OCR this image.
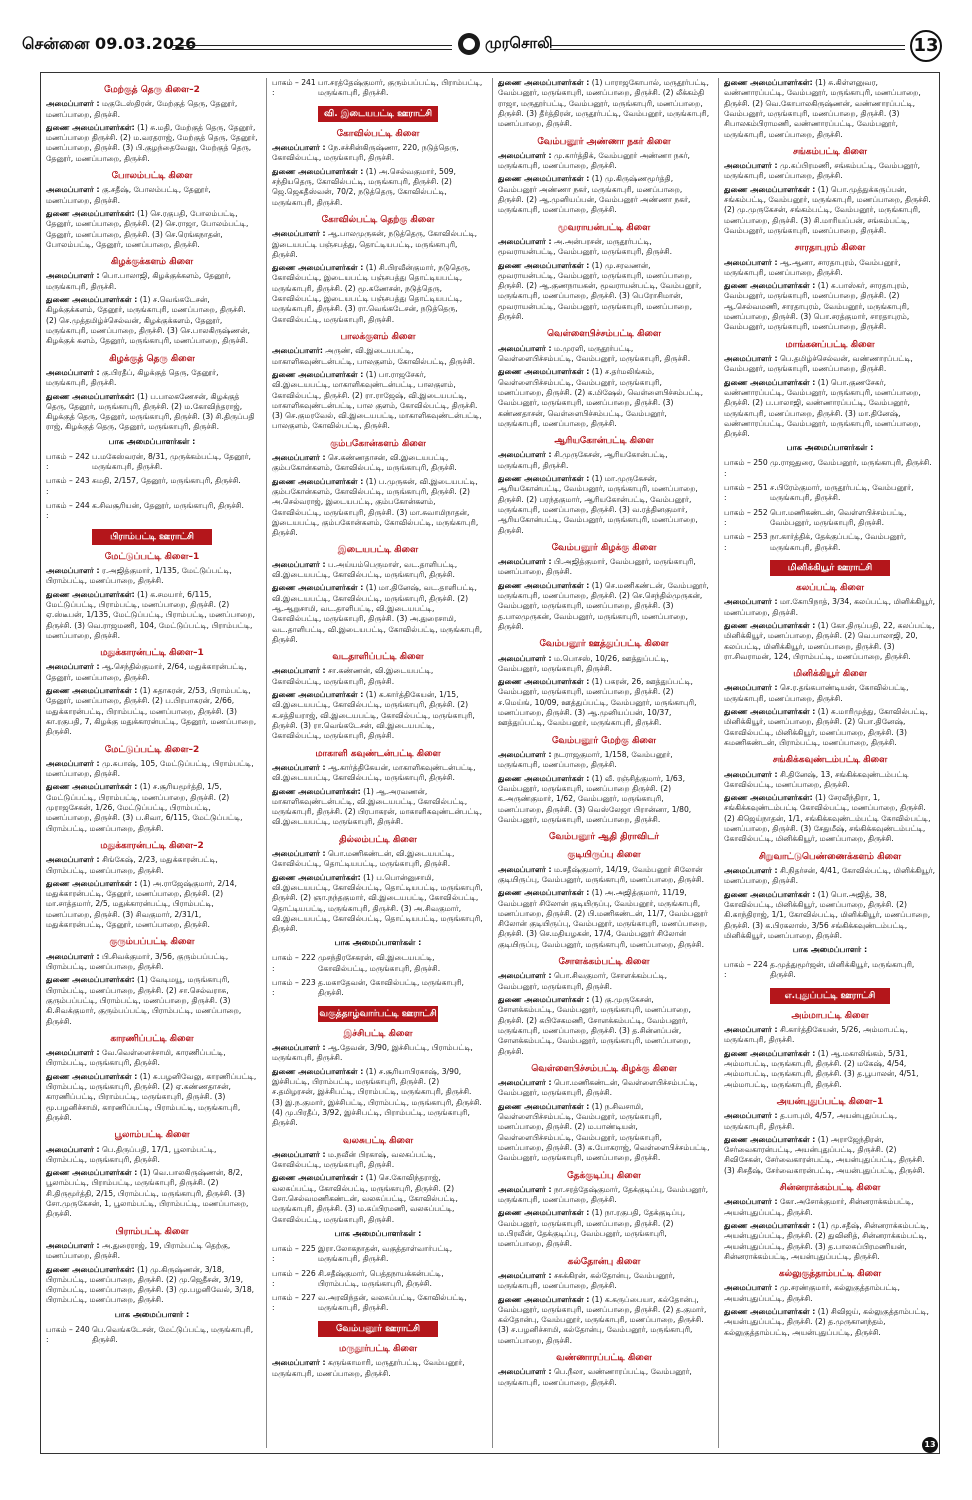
சென்னை 09.03.2026	முரசொலி	13
மேற்குத் தெரு கிளை–2

அமைப்பாளர் : மகுடேஸ்திரன், மேற்குத் தெரு, தேனூர், மணப்பாறை, திருச்சி.

துணை அமைப்பாளர்கள்: (1) சு.மதி, மேற்குத் தெரு, தேனூர், மணப்பாறை திருச்சி. (2) ம.வரதராஜ், மேற்குத் தெரு, தேனூர், மணப்பாறை, திருச்சி. (3) பி.குழந்தைவேலு, மேற்குத் தெரு, தேனூர், மணப்பாறை, திருச்சி.

போலம்பட்டி கிளை

அமைப்பாளர் : கு.சதீஷ், போலம்பட்டி, தேனூர், மணப்பாறை, திருச்சி.

துணை அமைப்பாளர்கள்: (1) செ.ரகுபதி, போலம்பட்டி, தேனூர், மணப்பாறை, திருச்சி. (2) செ.ராஜா, போலம்பட்டி, தேனூர், மணப்பாறை, திருச்சி. (3) செ.ரெங்கநாதன், போலம்பட்டி, தேனூர், மணப்பாறை, திருச்சி.

கிழக்குக்களம் கிளை

அமைப்பாளர் : பொ.பாலாஜி, கிழக்குக்களம், தேனூர், மருங்காபுரி, திருச்சி.

துணை அமைப்பாளர்கள் : (1) ச.வெங்கடேசன், கிழக்குக்களம், தேனூர், மருங்காபுரி, மணப்பாறை, திருச்சி. (2) செ.முத்தமிழ்ச்செல்வன், கிழக்குக்களம், தேனூர், மருங்காபுரி, மணப்பாறை, திருச்சி. (3) செ.பாலகிருஷ்ணன், கிழக்குக் களம், தேனூர், மருங்காபுரி, மணப்பாறை, திருச்சி.

கிழக்குத் தெரு கிளை

அமைப்பாளர் : கு.பிரதீப், கிழக்குத் தெரு, தேனூர், மருங்காபுரி, திருச்சி.

துணை அமைப்பாளர்கள்: (1) ப.பாலகணேசன், கிழக்குத் தெரு, தேனூர், மருங்காபுரி, திருச்சி. (2) ம.கோவிந்தராஜ், கிழக்குத் தெரு, தேனூர், மருங்காபுரி, திருச்சி. (3) சி.திருப்பதி ராஜ், கிழக்குத் தெரு, தேனூர், மருங்காபுரி, திருச்சி.

பாக அமைப்பாளர்கள் :
பாகம் – 242 :
ப.மகேஸ்வரன், 8/31, முருக்கம்பட்டி, தேனூர், மருங்காபுரி, திருச்சி.
பாகம் – 243 :
சுமதி, 2/157, தேனூர், மருங்காபுரி, திருச்சி.
பாகம் – 244 :
க.சிவசூரியன், தேனூர், மருங்காபுரி, திருச்சி.
பிராம்பட்டி ஊராட்சி
மேட்டுப்பட்டி கிளை–1

அமைப்பாளர் : ர.அஜித்குமார், 1/135, மேட்டுப்பட்டி, பிராம்பட்டி, மணப்பாறை, திருச்சி.

துணை அமைப்பாளர்கள்: (1) க.சமயார், 6/115, மேட்டுப்பட்டி, பிராம்பட்டி, மணப்பாறை, திருச்சி. (2) ஏ.ஸ்டீபன், 1/135, மேட்டுப்பட்டி, பிராம்பட்டி, மணப்பாறை, திருச்சி. (3) வெ.ராஜமணி, 104, மேட்டுப்பட்டி, பிராம்பட்டி, மணப்பாறை, திருச்சி.

மதுக்காரன்பட்டி கிளை–1

அமைப்பாளர் : ஆ.செந்தில்குமார், 2/64, மதுக்காரன்பட்டி, தேனூர், மணப்பாறை, திருச்சி.

துணை அமைப்பாளர்கள் : (1) சுதாகரன், 2/53, பிராம்பட்டி, தேனூர், மணப்பாறை, திருச்சி. (2) ப.பிரபாகரன், 2/66, மதுக்காரன்பட்டி, பிராம்பட்டி, மணப்பாறை, திருச்சி. (3) கா.ரகுபதி, 7, கிழக்கு மதுக்காரன்பட்டி, தேனூர், மணப்பாறை, திருச்சி.

மேட்டுப்பட்டி கிளை–2

அமைப்பாளர் : மு.சுபாஷ், 105, மேட்டுப்பட்டி, பிராம்பட்டி, மணப்பாறை, திருச்சி.

துணை அமைப்பாளர்கள் : (1) ச.சூரியமூர்த்தி, 1/5, மேட்டுப்பட்டி, பிராம்பட்டி, மணப்பாறை, திருச்சி. (2) முராஜசேகன், 1/26, மேட்டுப்பட்டி, பிராம்பட்டி, மணப்பாறை, திருச்சி. (3) ப.சிவா, 6/115, மேட்டுப்பட்டி, பிராம்பட்டி, மணப்பாறை, திருச்சி.

மதுக்காரன்பட்டி கிளை–2

அமைப்பாளர் : சிங்கேஷ், 2/23, மதுக்காரன்பட்டி, பிராம்பட்டி, மணப்பாறை, திருச்சி.

துணை அமைப்பாளர்கள் : (1) அ.ராஜேஷ்குமார், 2/14, மதுக்காரன்பட்டி, தேனூர், மணப்பாறை, திருச்சி. (2) மா.சாத்தமார், 2/5, மதுக்காரன்பட்டி, பிராம்பட்டி, மணப்பாறை, திருச்சி. (3) சிவகுமார், 2/31/1, மதுக்காரன்பட்டி, தேனூர், மணப்பாறை, திருச்சி.

குரும்பப்பட்டி கிளை

அமைப்பாளர் : பி.சிவக்குமார், 3/56, குரும்பப்பட்டி, பிராம்பட்டி, மணப்பாறை, திருச்சி.

துணை அமைப்பாளர்கள்: (1) வேடிமயூ, மருங்காபுரி, பிராம்பட்டி, மணப்பாறை, திருச்சி. (2) சா.செல்வராசு, குரும்பப்பட்டி, பிராம்பட்டி, மணப்பாறை, திருச்சி. (3) கி.சிவக்குமார், குரும்பப்பட்டி, பிராம்பட்டி, மணப்பாறை, திருச்சி.

காரணிப்பட்டி கிளை

அமைப்பாளர் : வே.வெள்ளைச்சாமி, காரணிப்பட்டி, பிராம்பட்டி, மருங்காபுரி, திருச்சி.

துணை அமைப்பாளர்கள் : (1) சு.பழனிவேலு, காரணிப்பட்டி, பிராம்பட்டி, மருங்காபுரி, திருச்சி. (2) ஏ.கண்ணதாசன், காரணிப்பட்டி, பிராம்பட்டி, மருங்காபுரி, திருச்சி. (3) மூ.பழனிச்சாமி, காரணிப்பட்டி, பிராம்பட்டி, மருங்காபுரி, திருச்சி.

பூலாம்பட்டி கிளை

அமைப்பாளர் : பெ.திருப்பதி, 17/1, பூலாம்பட்டி, பிராம்பட்டி, மருங்காபுரி, திருச்சி.

துணை அமைப்பாளர்கள் : (1) வெ.பாலகிருஷ்ணன், 8/2, பூலாம்பட்டி, பிராம்பட்டி, மருங்காபுரி, திருச்சி. (2) சி.திருமூர்த்தி, 2/15, பிராம்பட்டி, மருங்காபுரி, திருச்சி. (3) சோ.முருகேசன், 1, பூலாம்பட்டி, பிராம்பட்டி, மணப்பாறை, திருச்சி.

பிராம்பட்டி கிளை

அமைப்பாளர் : அ.துரைராஜ், 19, பிராம்பட்டி தெற்கு, மணப்பாறை, திருச்சி.

துணை அமைப்பாளர்கள்: (1) மு.கிருஷ்ணன், 3/18, பிராம்பட்டி, மணப்பாறை, திருச்சி. (2) மு.ஜெதீசன், 3/19, பிராம்பட்டி, மணப்பாறை, திருச்சி. (3) மு.பழனிவேல், 3/18, பிராம்பட்டி, மணப்பாறை, திருச்சி.

பாக அமைப்பாளர் :
பாகம் – 240 :
பெ.வெங்கடேசன், மேட்டுப்பட்டி, மருங்காபுரி, திருச்சி.
பாகம் – 241 :
பா.சரத்தேஷ்குமார், குரும்பப்பட்டி, பிராம்பட்டி, மருங்காபுரி, திருச்சி.
வி. இடையபட்டி ஊராட்சி
கோவில்பட்டி கிளை

அமைப்பாளர் : நே.சச்சின்கிருஷ்ணா, 220, நடுத்தெரு, கோவில்பட்டி, மருங்காபுரி, திருச்சி.

துணை அமைப்பாளர்கள் : (1) அ.செல்வகுமார், 509, சந்தியதெரு, கோவில்பட்டி, மருங்காபுரி, திருச்சி. (2) ஜெ.ஜெகதீஸ்வன், 70/2, நடுத்தெரு, கோவில்பட்டி, மருங்காபுரி, திருச்சி.

கோவில்பட்டி தெற்கு கிளை

அமைப்பாளர் : ஆ.பாலமுருகன், நடுத்தெரு, கோவில்பட்டி, இடையபட்டி பஞ்சபத்து, தொட்டியபட்டி, மருங்காபுரி, திருச்சி.

துணை அமைப்பாளர்கள் : (1) சி.பிரவீன்குமார், நடுதெரு, கோவில்பட்டி, இடையபட்டி பஞ்சபத்து தொட்டியபட்டி, மருங்காபுரி, திருச்சி. (2) மூ.கணேசன், நடுத்தெரு, கோவில்பட்டி, இடையபட்டி பஞ்சபத்து தொட்டியபட்டி, மருங்காபுரி, திருச்சி. (3) ரா.வெங்கடேசன், நடுத்தெரு, கோவில்பட்டி, மருங்காபுரி, திருச்சி.

பாலக்குளம் கிளை

அமைப்பாளர்: அருண், வி.இடையபட்டி, மாகாளிகவுண்டன்பட்டி, பாலகுளம், கோவில்பட்டி, திருச்சி.

துணை அமைப்பாளர்கள் : (1) பா.ராஜசேகர், வி.இடையபட்டி, மாகாளிகவுண்டன்பட்டி, பாலகுளம், கோவில்பட்டி, திருச்சி. (2) ரா.ராஜேஷ், வி.இடையபட்டி, மாகாளிகவுண்டன்பட்டி, பால குளம், கோவில்பட்டி, திருச்சி. (3) செ.குமரவேல், வி.இடையபட்டி, மாகாளிகவுண்டன்பட்டி, பாலகுளம், கோவில்பட்டி, திருச்சி.

கும்பகோன்களம் கிளை

அமைப்பாளர் : செ.கண்ணதாசன், வி.இடையபட்டி, கும்பகோன்களம், கோவில்பட்டி, மருங்காபுரி, திருச்சி.

துணை அமைப்பாளர்கள் : (1) ப.முருகன், வி.இடையபட்டி, கும்பகோன்களம், கோவில்பட்டி, மருங்காபுரி, திருச்சி. (2) அ.செல்வராஜ், இடையபட்டி, கும்பகோன்களம், கோவில்பட்டி, மருங்காபுரி, திருச்சி. (3) மா.சுவாமிநாதன், இடையபட்டி, கும்பகோன்களம், கோவில்பட்டி, மருங்காபுரி, திருச்சி.

இடையபட்டி கிளை

அமைப்பாளர் : ப.அய்யம்பெருமாள், வட.தாளிபட்டி, வி.இடையபட்டி, கோவில்பட்டி, மருங்காபுரி, திருச்சி.

துணை அமைப்பாளர்கள் : (1) மா.தினேஷ், வட.தாளிபட்டி, வி.இடையபட்டி, கோவில்பட்டி, மருங்காபுரி, திருச்சி. (2) ஆ.ஆறுசாமி, வட.தாளிபட்டி, வி.இடையபட்டி, கோவில்பட்டி, மருங்காபுரி, திருச்சி. (3) அ.துரைசாமி, வட.தாளிபட்டி, வி.இடையபட்டி, கோவில்பட்டி, மருங்காபுரி, திருச்சி.

வடதாளிப்பட்டி கிளை

அமைப்பாளர் : சா.கண்ணன், வி.இடையபட்டி, கோவில்பட்டி, மருங்காபுரி, திருச்சி.

துணை அமைப்பாளர்கள் : (1) க.கார்த்திகேயன், 1/15, வி.இடையபட்டி, கோவில்பட்டி, மருங்காபுரி, திருச்சி. (2) க.சத்தியராஜ், வி.இடையபட்டி, கோவில்பட்டி, மருங்காபுரி, திருச்சி. (3) ரா.வெங்கடேசன், வி.இடையபட்டி, கோவில்பட்டி, மருங்காபுரி, திருச்சி.

மாகாளி கவுண்டன்பட்டி கிளை

அமைப்பாளர் : ஆ.கார்த்திகேயன், மாகாளிகவுண்டன்பட்டி, வி.இடையபட்டி, கோவில்பட்டி, மருங்காபுரி, திருச்சி.

துணை அமைப்பாளர்கள்: (1) ஆ.அரவணன், மாகாளிகவுண்டன்பட்டி, வி.இடையபட்டி, கோவில்பட்டி, மருங்காபுரி, திருச்சி. (2) பிரபாகரன், மாகாளிகவுண்டன்பட்டி, வி.இடையபட்டி, மருங்காபுரி, திருச்சி.

தில்லம்பட்டி கிளை

அமைப்பாளர் : பொ.மணிகண்டன், வி.இடையபட்டி, கோவில்பட்டி, தொட்டியபட்டி, மருங்காபுரி, திருச்சி.

துணை அமைப்பாளர்கள்: (1) ப.பொன்னுசாமி, வி.இடையபட்டி, கோவில்பட்டி, தொட்டியபட்டி, மருங்காபுரி, திருச்சி. (2) ஞா.நந்தகுமார், வி.இடையபட்டி, கோவில்பட்டி, தொட்டியபட்டி, மருங்காபுரி, திருச்சி. (3) அ.சிவகுமார், வி.இடையபட்டி, கோவில்பட்டி, தொட்டியபட்டி, மருங்காபுரி, திருச்சி.

பாக அமைப்பாளர்கள் :
பாகம் – 222 :
முசந்திரசேகரன், வி.இடையபட்டி, கோவில்பட்டி, மருங்காபுரி, திருச்சி.
பாகம் – 223 :
த.மகாதேவன், கோவில்பட்டி, மருங்காபுரி, திருச்சி.
வகுத்தாழ்வார்பட்டி ஊராட்சி
இச்சிபட்டி கிளை

அமைப்பாளர் : ஆ.தேவன், 3/90, இச்சிபட்டி, பிராம்பட்டி, மருங்காபுரி, திருச்சி.

துணை அமைப்பாளர்கள் : (1) ச.சூரியாபிரகாஷ், 3/90, இச்சிபட்டி, பிராம்பட்டி, மருங்காபுரி, திருச்சி. (2) ச.தமிழரசன், இச்சிபட்டி, பிராம்பட்டி, மருங்காபுரி, திருச்சி. (3) இ.ந.குமார், இச்சிபட்டி, பிராம்பட்டி, மருங்காபுரி, திருச்சி. (4) மு.பிரதீப், 3/92, இச்சிபட்டி, பிராம்பட்டி, மருங்காபுரி, திருச்சி.

வலசுபட்டி கிளை

அமைப்பாளர் : ம.நவீன் பிரகாஷ், வலசுப்பட்டி, கோவில்பட்டி, மருங்காபுரி, திருச்சி.

துணை அமைப்பாளர்கள் : (1) செ.கோவிந்தராஜ், வலசுப்பட்டி, கோவில்பட்டி, மருங்காபுரி, திருச்சி. (2) சோ.செல்வமணிகண்டன், வலசுப்பட்டி, கோவில்பட்டி, மருங்காபுரி, திருச்சி. (3) ம.கப்பிரமணி, வலசுப்பட்டி, கோவில்பட்டி, மருங்காபுரி, திருச்சி.

பாக அமைப்பாளர்கள் :
பாகம் – 225 :
இரா.லோகநாதன், வகுத்தாள்வார்பட்டி, மருங்காபுரி, திருச்சி.
பாகம் – 226 :
சி.சதீஷ்குமார், பெத்தநாயக்கன்பட்டி, பிராம்பட்டி, மருங்காபுரி, திருச்சி.
பாகம் – 227 :
வ.அரவிந்தன், வலசுப்பட்டி, கோவில்பட்டி, மருங்காபுரி, திருச்சி.
வேம்பனூர் ஊராட்சி
மருதூர்பட்டி கிளை

அமைப்பாளர் : கருங்காமாரி, மருதூர்பட்டி, வேம்பனூர், மருங்காபுரி, மணப்பாறை, திருச்சி.

துணை அமைப்பாளர்கள் : (1) பாராஜகோபால், மருதூர்பட்டி, வேம்பனூர், மருங்காபுரி, மணப்பாறை, திருச்சி. (2) லீக்கம்தி ராஜா, மருதூர்பட்டி, வேம்பனூர், மருங்காபுரி, மணப்பாறை, திருச்சி. (3) தீர்த்திரன், மருதூர்பட்டி, வேம்பனூர், மருங்காபுரி, மணப்பாறை, திருச்சி.

வேம்பனூர் அண்ணா நகர் கிளை

அமைப்பாளர் : மு.கார்த்திக், வேம்பனூர் அண்ணா நகர், மருங்காபுரி, மணப்பாறை, திருச்சி.

துணை அமைப்பாளர்கள் : (1) மு.கிருஷ்ணமூர்த்தி, வேம்பனூர் அண்ணா நகர், மருங்காபுரி, மணப்பாறை, திருச்சி. (2) ஆ.முனியப்பன், வேம்பனூர் அண்ணா நகர், மருங்காபுரி, மணப்பாறை, திருச்சி.

மூவராயன்பட்டி கிளை

அமைப்பாளர் : அ.அன்பரசன், மருதூர்பட்டி, மூவராயன்பட்டி, வேம்பனூர், மருங்காபுரி, திருச்சி.

துணை அமைப்பாளர்கள் : (1) மு.சரவணன், மூவராயன்பட்டி, வேம்பனூர், மருங்காபுரி, மணப்பாறை, திருச்சி. (2) ஆ.குணநாயகன், மூவராயன்பட்டி, வேம்பனூர், மருங்காபுரி, மணப்பாறை, திருச்சி. (3) பெரோசிமான், மூவராயன்பட்டி, வேம்பனூர், மருங்காபுரி, மணப்பாறை, திருச்சி.

வெள்ளைபிச்சம்பட்டி கிளை

அமைப்பாளர் : ம.முரளி, மருதூர்பட்டி, வெள்ளைபிச்சம்பட்டி, வேம்பனூர், மருங்காபுரி, திருச்சி.

துணை அமைப்பாளர்கள் : (1) ச.தர்மலிங்கம், வெள்ளைபிச்சம்பட்டி, வேம்பனூர், மருங்காபுரி, மணப்பாறை, திருச்சி. (2) க.மிஷேல், வெள்ளைபிச்சம்பட்டி, வேம்பனூர், மருங்காபுரி, மணப்பாறை, திருச்சி. (3) கண்ணதாசன், வெள்ளைபிச்சம்பட்டி, வேம்பனூர், மருங்காபுரி, மணப்பாறை, திருச்சி.

ஆரியகோன்பட்டி கிளை

அமைப்பாளர் : சி.முருகேசன், ஆரியகோன்பட்டி, மருங்காபுரி, திருச்சி.

துணை அமைப்பாளர்கள் : (1) மா.முருகேசன், ஆரியகோன்பட்டி, வேம்பனூர், மருங்காபுரி, மணப்பாறை, திருச்சி. (2) பரந்தகுமார், ஆரியகோன்பட்டி, வேம்பனூர், மருங்காபுரி, மணப்பாறை, திருச்சி. (3) வ.ரத்தினகுமார், ஆரியகோன்பட்டி, வேம்பனூர், மருங்காபுரி, மணப்பாறை, திருச்சி.

வேம்பனூர் கிழக்கு கிளை

அமைப்பாளர் : பி.அஜித்குமார், வேம்பனூர், மருங்காபுரி, மணப்பாறை, திருச்சி.

துணை அமைப்பாளர்கள் : (1) செ.மணிகண்டன், வேம்பனூர், மருங்காபுரி, மணப்பாறை, திருச்சி. (2) செ.செந்தில்முருகன், வேம்பனூர், மருங்காபுரி, மணப்பாறை, திருச்சி. (3) த.பாலமுருகன், வேம்பனூர், மருங்காபுரி, மணப்பாறை, திருச்சி.

வேம்பனூர் ஊத்துப்பட்டி கிளை

அமைப்பாளர் : ம.பொசஸ், 10/26, ஊத்துப்பட்டி, வேம்பனூர், மருங்காபுரி, திருச்சி.

துணை அமைப்பாளர்கள் : (1) பகரன், 26, ஊத்துப்பட்டி, வேம்பனூர், மருங்காபுரி, மணப்பாறை, திருச்சி. (2) ச.மெய்ங், 10/09, ஊத்துப்பட்டி, வேம்பனூர், மருங்காபுரி, மணப்பாறை, திருச்சி. (3) ஆ.முனியப்பன், 10/37, ஊத்துப்பட்டி, வேம்பனூர், மருங்காபுரி, திருச்சி.

வேம்பனூர் மேற்கு கிளை

அமைப்பாளர் : நடராஜகுமார், 1/158, வேம்பனூர், மருங்காபுரி, மணப்பாறை, திருச்சி.

துணை அமைப்பாளர்கள் : (1) வீ. ரஞ்சித்குமார், 1/63, வேம்பனூர், மருங்காபுரி, மணப்பாறை திருச்சி. (2) க.அருண்குமார், 1/62, வேம்பனூர், மருங்காபுரி, மணப்பாறை, திருச்சி. (3) வெஸ்லேஜா பிரான்னா, 1/80, வேம்பனூர், மருங்காபுரி, மணப்பாறை, திருச்சி.

வேம்பனூர் ஆதி திராவிடர்
குடியிருப்பு கிளை

அமைப்பாளர் : ம.சதீஷ்குமார், 14/19, வேம்பனூர் சிலோன் குடியிருப்பு, வேம்பனூர், மருங்காபுரி, மணப்பாறை, திருச்சி.

துணை அமைப்பாளர்கள் : (1) அ.அஜித்குமார், 11/19, வேம்பனூர் சிலோன் குடியிருப்பு, வேம்பனூர், மருங்காபுரி, மணப்பாறை, திருச்சி. (2) பி.மணிகண்டன், 11/7, வேம்பனூர் சிலோன் குடியிருப்பு, வேம்பனூர், மருங்காபுரி, மணப்பாறை, திருச்சி. (3) செ.மதியழகன், 17/4, வேம்பனூர் சிலோன் குடியிருப்பு, வேம்பனூர், மருங்காபுரி, மணப்பாறை, திருச்சி.

சோளக்கம்பட்டி கிளை

அமைப்பாளர் : பொ.சிவகுமார், சோளக்கம்பட்டி, வேம்பனூர், மருங்காபுரி, திருச்சி.

துணை அமைப்பாளர்கள் : (1) கு.முருகேசன், சோளக்கம்பட்டி, வேம்பனூர், மருங்காபுரி, மணப்பாறை, திருச்சி. (2) கபிசேகமணி, சோளக்கம்பட்டி, வேம்பனூர், மருங்காபுரி, மணப்பாறை, திருச்சி. (3) த.சின்னப்பன், சோளக்கம்பட்டி, வேம்பனூர், மருங்காபுரி, மணப்பாறை, திருச்சி.

வெள்ளைபிச்சம்பட்டி கிழக்கு கிளை

அமைப்பாளர் : பொ.மணிகண்டன், வெள்ளைபிச்சம்பட்டி, வேம்பனூர், மருங்காபுரி, திருச்சி.

துணை அமைப்பாளர்கள் : (1) ந.சிவசாமி, வெள்ளைபிச்சம்பட்டி, வேம்பனூர், மருங்காபுரி, மணப்பாறை, திருச்சி. (2) ம.பாண்டியன், வெள்ளைபிச்சம்பட்டி, வேம்பனூர், மருங்காபுரி, மணப்பாறை, திருச்சி. (3) க.போகராஜ், வெள்ளைபிச்சம்பட்டி, வேம்பனூர், மருங்காபுரி, மணப்பாறை, திருச்சி.

தேக்குடிப்பு கிளை

அமைப்பாளர் : நா.சரத்தேஷ்குமார், தேக்குடிப்பு, வேம்பனூர், மருங்காபுரி, மணப்பாறை, திருச்சி.

துணை அமைப்பாளர்கள் : (1) நா.ரகுபதி, தேக்குடிப்பு, வேம்பனூர், மருங்காபுரி, மணப்பாறை, திருச்சி. (2) ம.பிரவீன், தேக்குடிப்பு, வேம்பனூர், மருங்காபுரி, மணப்பாறை, திருச்சி.

கல்தோன்பு கிளை

அமைப்பாளர் : சசுக்கிரன், கல்தோன்பு, வேம்பனூர், மருங்காபுரி, மணப்பாறை, திருச்சி.

துணை அமைப்பாளர்கள் : (1) க.கருப்பையா, கல்தோன்பு, வேம்பனூர், மருங்காபுரி, மணப்பாறை, திருச்சி. (2) த.குமார், கல்தோன்பு, வேம்பனூர், மருங்காபுரி, மணப்பாறை, திருச்சி. (3) ச.பழனிச்சாமி, கல்தோன்பு, வேம்பனூர், மருங்காபுரி, மணப்பாறை, திருச்சி.

வண்ணாரப்பட்டி கிளை

அமைப்பாளர் : பெ.நீலா, வண்ணாரப்பட்டி, வேம்பனூர், மருங்காபுரி, மணப்பாறை, திருச்சி.

துணை அமைப்பாளர்கள்: (1) சு.கிள்ளனுவர, வண்ணாரப்பட்டி, வேம்பனூர், மருங்காபுரி, மணப்பாறை, திருச்சி. (2) வெ.கோபாலகிருஷ்ணன், வண்ணாரப்பட்டி, வேம்பனூர், மருங்காபுரி, மணப்பாறை, திருச்சி. (3) சிபாலகம்பிராமணி, வண்ணாரப்பட்டி, வேம்பனூர், மருங்காபுரி, மணப்பாறை, திருச்சி.

சங்கம்பட்டி கிளை

அமைப்பாளர் : மு.கப்பிரமணி, சங்கம்பட்டி, வேம்பனூர், மருங்காபுரி, மணப்பாறை, திருச்சி.

துணை அமைப்பாளர்கள் : (1) பொ.முத்துக்கருப்பன், சங்கம்பட்டி, வேம்பனூர், மருங்காபுரி, மணப்பாறை, திருச்சி. (2) மு.முருகேசன், சங்கம்பட்டி, வேம்பனூர், மருங்காபுரி, மணப்பாறை, திருச்சி. (3) சி.மாரியப்பன், சங்கம்பட்டி, வேம்பனூர், மருங்காபுரி, மணப்பாறை, திருச்சி.

சாரதாபுரம் கிளை

அமைப்பாளர் : ஆ.ஆனா, சாரதாபுரம், வேம்பனூர், மருங்காபுரி, மணப்பாறை, திருச்சி.

துணை அமைப்பாளர்கள் : (1) சு.பாஸ்கர், சாரதாபுரம், வேம்பனூர், மருங்காபுரி, மணப்பாறை, திருச்சி. (2) ஆ.செல்வமணி, சாரதாபுரம், வேம்பனூர், மருங்காபுரி, மணப்பாறை, திருச்சி. (3) பொ.சரத்குமார், சாரதாபுரம், வேம்பனூர், மருங்காபுரி, மணப்பாறை, திருச்சி.

மாங்கனப்பட்டி கிளை

அமைப்பாளர் : பெ.தமிழ்ச்செல்வன், வண்ணாரப்பட்டி, வேம்பனூர், மருங்காபுரி, மணப்பாறை, திருச்சி.

துணை அமைப்பாளர்கள் : (1) பொ.குணசேகர், வண்ணாரப்பட்டி, வேம்பனூர், மருங்காபுரி, மணப்பாறை, திருச்சி. (2) ப.பாலாஜி, வண்ணாரப்பட்டி, வேம்பனூர், மருங்காபுரி, மணப்பாறை, திருச்சி. (3) மா.தினேஷ், வண்ணாரப்பட்டி, வேம்பனூர், மருங்காபுரி, மணப்பாறை, திருச்சி.

பாக அமைப்பாளர்கள் :
பாகம் – 250 :
மு.ராஜதுரை, வேம்பனூர், மருங்காபுரி, திருச்சி.
பாகம் – 251 :
ச.பிரேம்குமார், மருதூர்பட்டி, வேம்பனூர், மருங்காபுரி, திருச்சி.
பாகம் – 252 :
பொ.மணிகண்டன், வெள்ளபிச்சம்பட்டி, வேம்பனூர், மருங்காபுரி, திருச்சி.
பாகம் – 253 :
நா.கார்த்திக், தேக்குப்பட்டி, வேம்பனூர், மருங்காபுரி, திருச்சி.
மினிக்கியூர் ஊராட்சி
கலப்பட்டி கிளை

அமைப்பாளர் : மா.கோபிநாத், 3/34, கலப்பட்டி, மினிக்கியூர், மணப்பாறை, திருச்சி.

துணை அமைப்பாளர்கள் : (1) கோ.திருப்பதி, 22, கலப்பட்டி, மினிக்கியூர், மணப்பாறை, திருச்சி. (2) வெ.பாலாஜி, 20, கலப்பட்டி, மினிக்கியூர், மணப்பாறை, திருச்சி. (3) ரா.சிவராமன், 124, பிராம்பட்டி, மணப்பாறை, திருச்சி.

மினிக்கியூர் கிளை

அமைப்பாளர் : செ.ர.தங்கபாண்டியன், கோவில்பட்டி, மருங்காபுரி, மணப்பாறை, திருச்சி.

துணை அமைப்பாளர்கள் : (1) சு.மாரிமுத்து, கோவில்பட்டி, மினிக்கியூர், மணப்பாறை, திருச்சி. (2) பொ.தினேஷ், கோவில்பட்டி, மினிக்கியூர், மணப்பாறை, திருச்சி. (3) சுமணிகண்டன், பிராம்பட்டி, மணப்பாறை, திருச்சி.

சங்கிக்கவுண்டம்பட்டி கிளை

அமைப்பாளர் : சி.தினேஷ், 13, சங்கிக்கவுண்டம்பட்டி கோவில்பட்டி, மணப்பாறை, திருச்சி.

துணை அமைப்பாளர்கள்: (1) சேரவீந்திரா, 1, சங்கிக்கவுண்டம்பட்டி கோவில்பட்டி, மணப்பாறை, திருச்சி. (2) கிஜெய்நாதன், 1/1, சங்கிக்கவுண்டம்பட்டி கோவில்பட்டி, மணப்பாறை, திருச்சி. (3) சேதுமீஷ், சங்கிக்கவுண்டம்பட்டி, கோவில்பட்டி, மினிக்கியூர், மணப்பாறை, திருச்சி.

சிறுவாட்டுபெண்ணைக்களம் கிளை

அமைப்பாளர் : சி.நிதர்சன், 4/41, கோவில்பட்டி, மினிக்கியூர், மணப்பாறை, திருச்சி.

துணை அமைப்பாளர்கள் : (1) பொ.அஜித், 38, கோவில்பட்டி, மினிக்கியூர், மணப்பாறை, திருச்சி. (2) கி.காந்திராஜ், 1/1, கோவில்பட்டி, மினிக்கியூர், மணப்பாறை, திருச்சி. (3) க.பிரகலாஸ், 3/56 சங்கிக்கவுண்டம்பட்டி, மினிக்கியூர், மணப்பாறை, திருச்சி.

பாக அமைப்பாளர் :
பாகம் – 224 :
த.முத்துமூர்ஜன், மினிக்கியூர், மருங்காபுரி, திருச்சி.
எ.புதுப்பட்டி ஊராட்சி
அம்மாபட்டி கிளை

அமைப்பாளர் : சி.கார்த்திகேயன், 5/26, அம்மாபட்டி, மருங்காபுரி, திருச்சி.

துணை அமைப்பாளர்கள் : (1) ஆ.மகாலிங்கம், 5/31, அம்மாபட்டி, மருங்காபுரி, திருச்சி. (2) மகேஷ், 4/54, அம்மாபட்டி, மருங்காபுரி, திருச்சி. (3) த.பூபாலன், 4/51, அம்மாபட்டி, மருங்காபுரி, திருச்சி.

அயன்புதுப்பட்டி கிளை–1

அமைப்பாளர் : த.பாபுமி, 4/57, அயன்புதுப்பட்டி, மருங்காபுரி, திருச்சி.

துணை அமைப்பாளர்கள் : (1) அராஜேந்திரன், சேர்வைகாரன்பட்டி, அயன்புதுப்பட்டி, திருச்சி. (2) சிவிசேகன், சேர்வைகாரன்பட்டி, அயன்புதுப்பட்டி, திருச்சி. (3) சிசதீஷ், சேர்வைகாரன்பட்டி, அயன்புதுப்பட்டி, திருச்சி.

சின்னராக்கம்பட்டி கிளை

அமைப்பாளர் : கோ.அசோக்குமார், சின்னராக்கம்பட்டி, அயன்புதுப்பட்டி, திருச்சி.

துணை அமைப்பாளர்கள் : (1) மு.சதீஷ், சின்னராக்கம்பட்டி, அயன்புதுப்பட்டி, திருச்சி. (2) துவினித், சின்னராக்கம்பட்டி, அயன்புதுப்பட்டி, திருச்சி. (3) த.பாலசுப்பிரமணியன், சின்னராக்கம்பட்டி, அயன்புதுப்பட்டி, திருச்சி.

கல்லுகுத்தாம்பட்டி கிளை

அமைப்பாளர் : மு.சரண்குமார், கல்லுகுத்தாம்பட்டி, அயன்புதுப்பட்டி, திருச்சி.

துணை அமைப்பாளர்கள் : (1) சிவிஜய், கல்லுகுத்தாம்பட்டி, அயன்புதுப்பட்டி, திருச்சி. (2) த.முருகானந்தம், கல்லுகுத்தாம்பட்டி, அயன்புதுப்பட்டி, திருச்சி.

13
